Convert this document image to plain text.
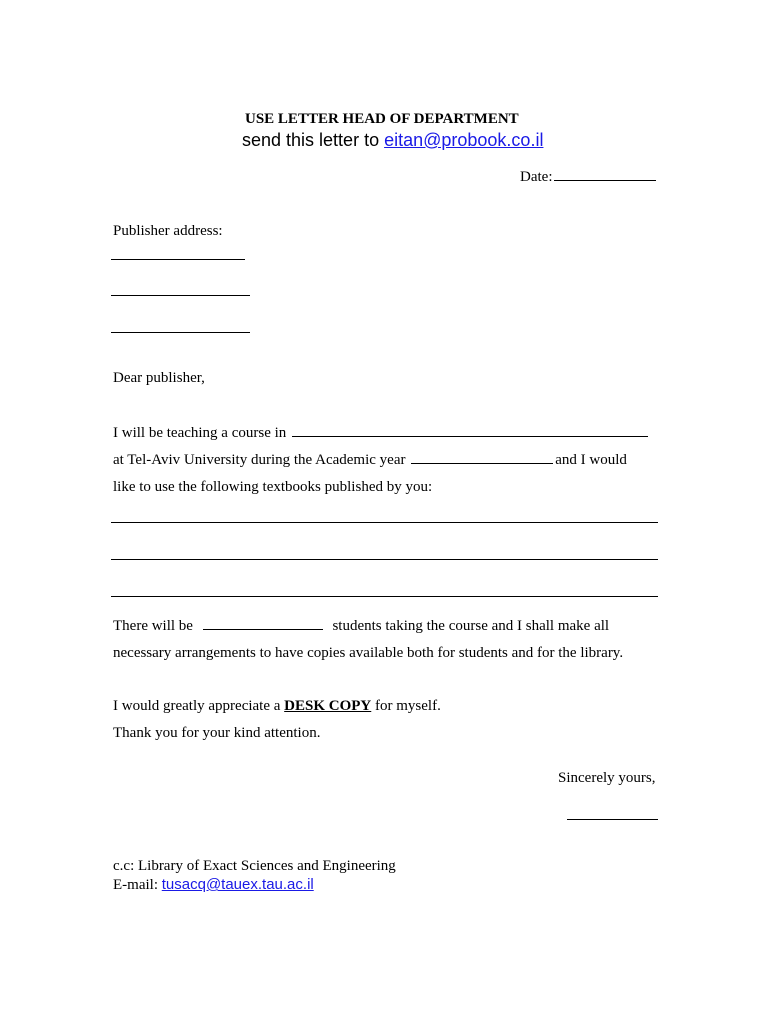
USE LETTER HEAD OF DEPARTMENT
send this letter to eitan@probook.co.il
Date:
Publisher address:
Dear publisher,
I will be teaching a course in
at Tel-Aviv University during the Academic year	and I would
like to use the following textbooks published by you:
There will be	students taking the course and I shall make all
necessary arrangements to have copies available both for students and for the library.
I would greatly appreciate a DESK COPY for myself.
Thank you for your kind attention.
Sincerely yours,
c.c: Library of Exact Sciences and Engineering
E-mail: tusacq@tauex.tau.ac.il
